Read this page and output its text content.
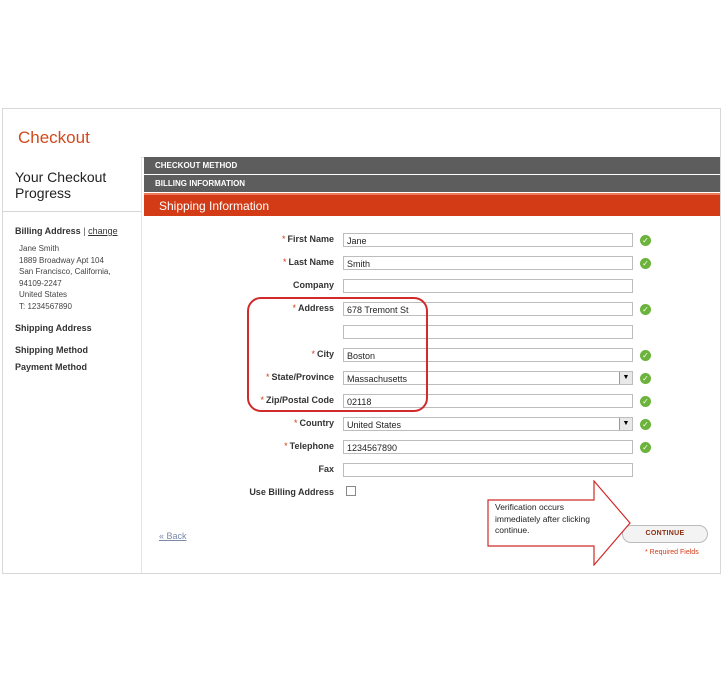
Checkout
Your Checkout Progress
Billing Address | change
Jane Smith
1889 Broadway Apt 104
San Francisco, California,
94109-2247
United States
T: 1234567890
Shipping Address
Shipping Method
Payment Method
CHECKOUT METHOD
BILLING INFORMATION
Shipping Information
* First Name	Jane	✓
* Last Name	Smith	✓
Company
* Address	678 Tremont St	✓
* City	Boston	✓
* State/Province	Massachusetts	▼	✓
* Zip/Postal Code	02118	✓
* Country	United States	▼	✓
* Telephone	1234567890	✓
Fax
Use Billing Address
« Back	CONTINUE
* Required Fields
Verification occurs immediately after clicking continue.
